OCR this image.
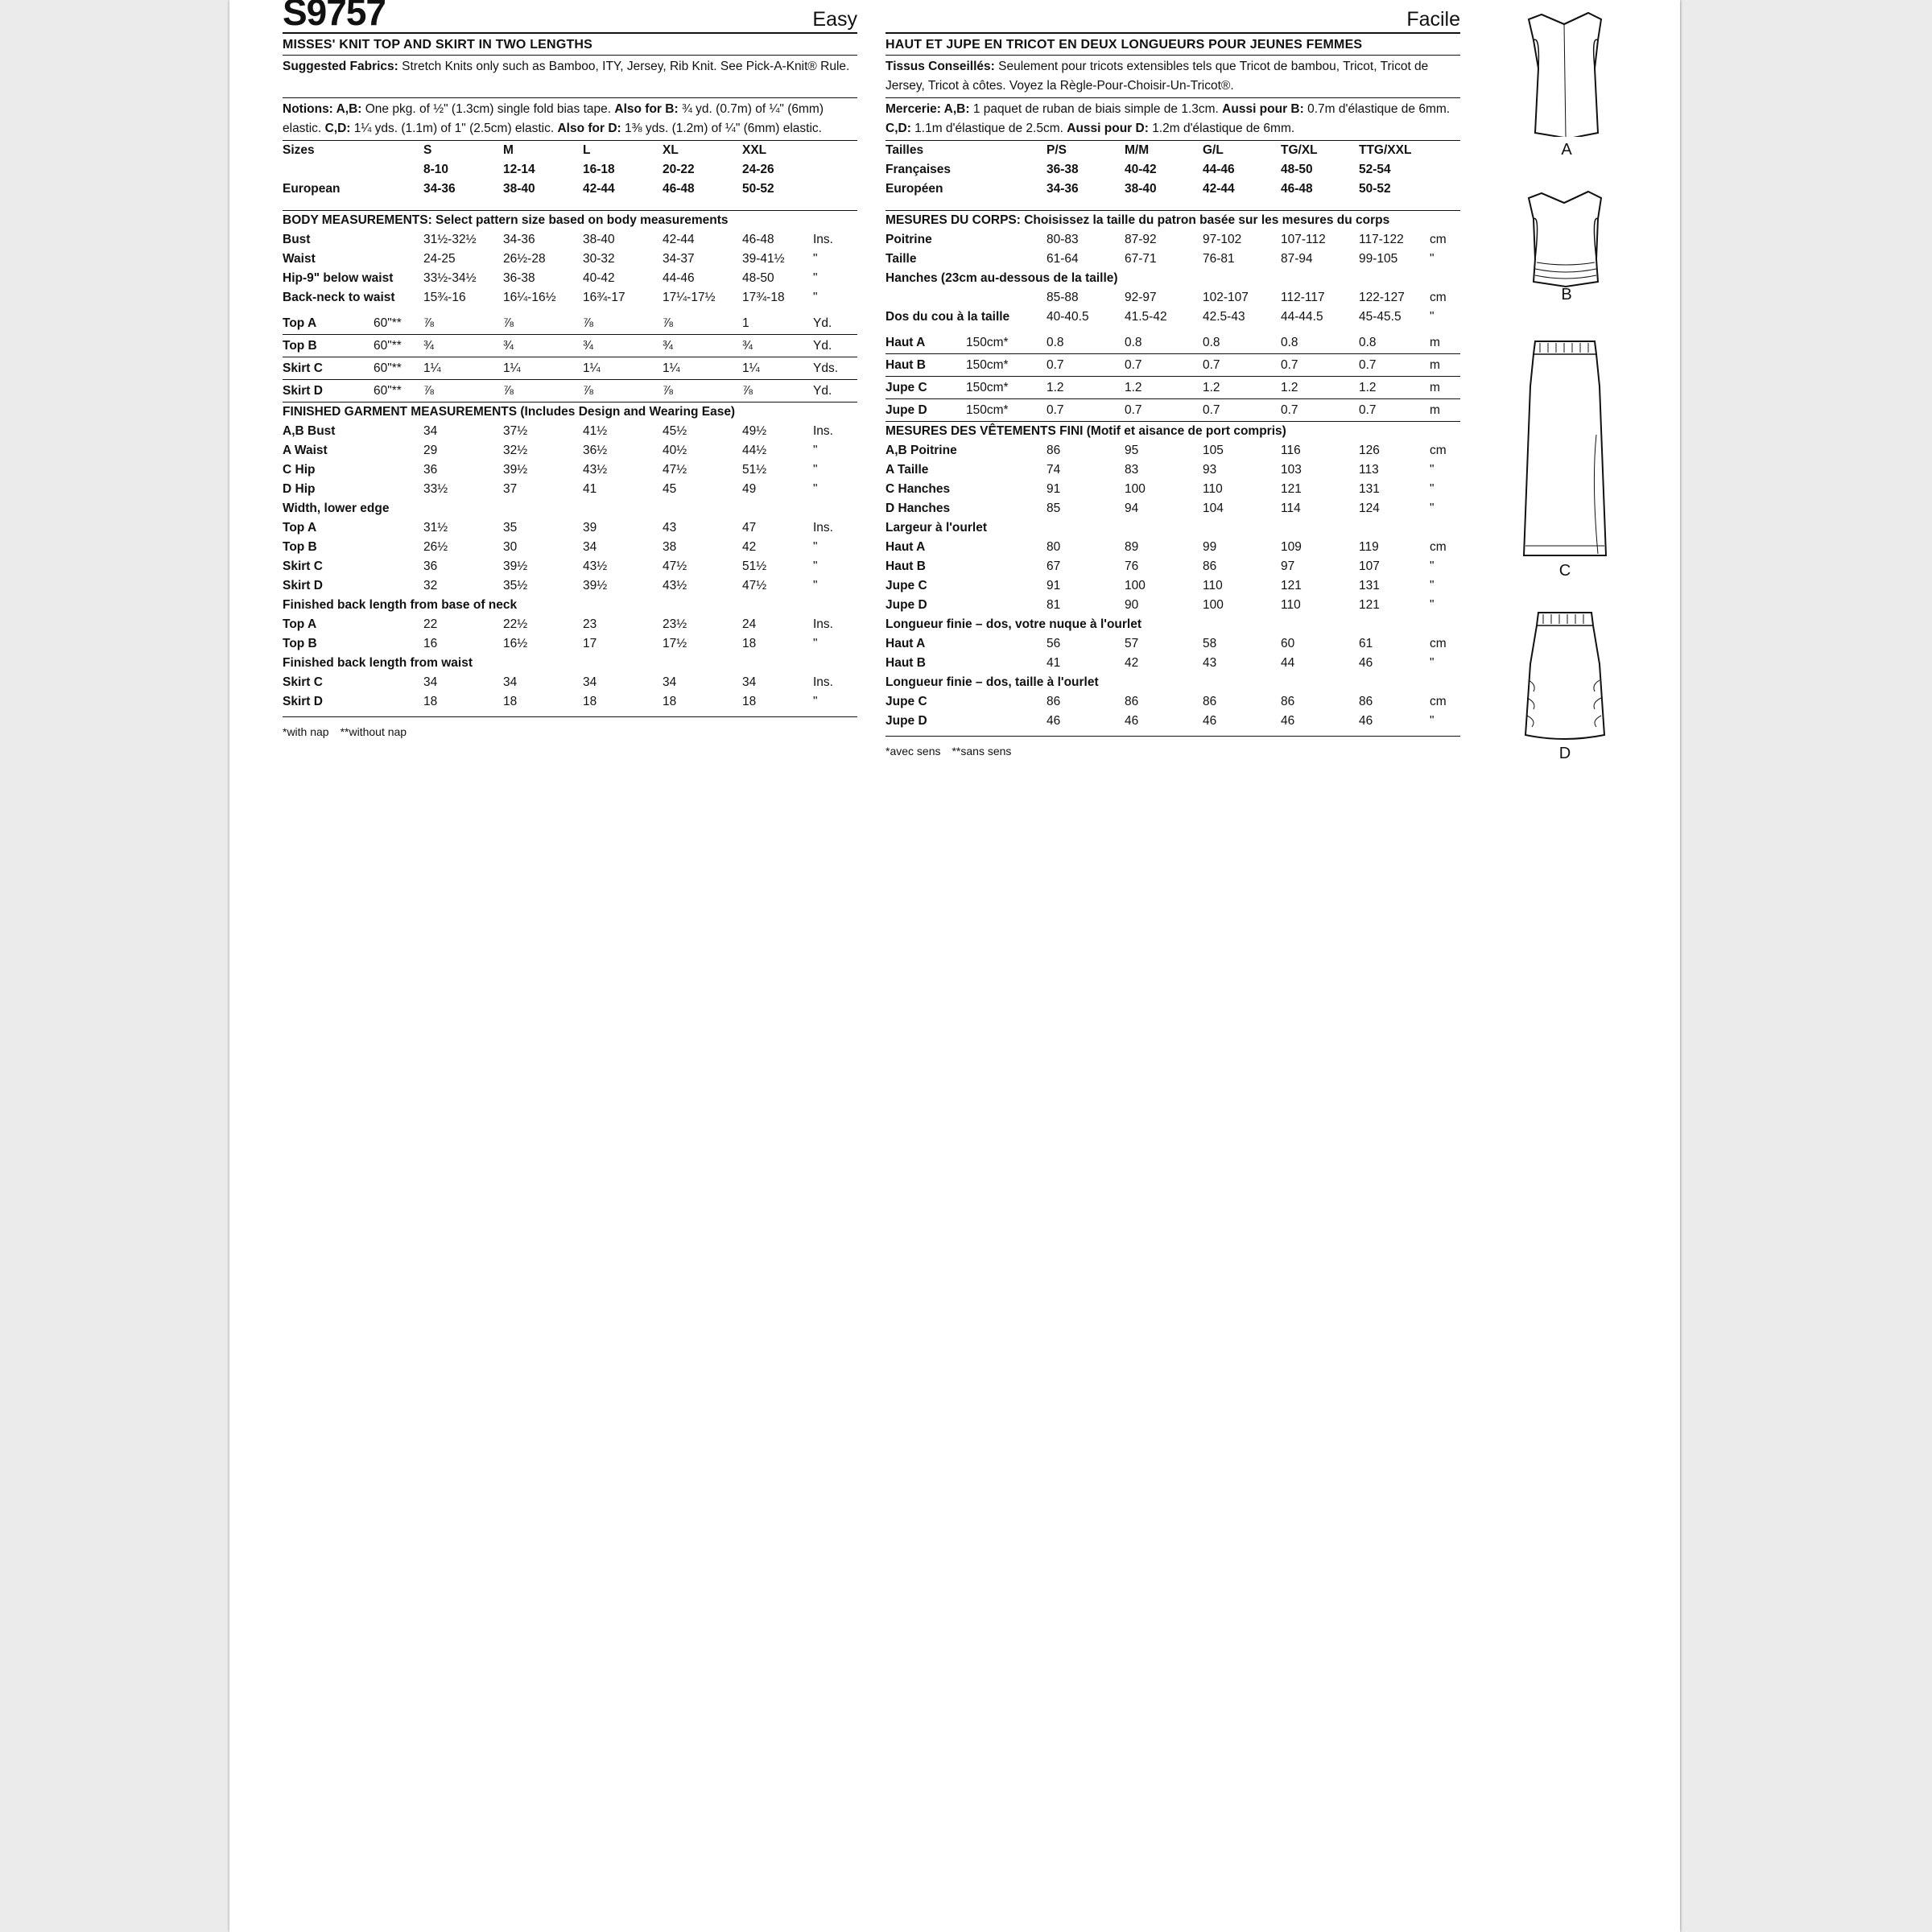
S9757	Easy
MISSES' KNIT TOP AND SKIRT IN TWO LENGTHS
Suggested Fabrics: Stretch Knits only such as Bamboo, ITY, Jersey, Rib Knit. See Pick-A-Knit® Rule.
Notions: A,B: One pkg. of ½" (1.3cm) single fold bias tape. Also for B: ¾ yd. (0.7m) of ¼" (6mm) elastic. C,D: 1¼ yds. (1.1m) of 1" (2.5cm) elastic. Also for D: 1⅜ yds. (1.2m) of ¼" (6mm) elastic.
Sizes	S	M	L	XL	XXL	
	8-10	12-14	16-18	20-22	24-26	
European	34-36	38-40	42-44	46-48	50-52	
BODY MEASUREMENTS: Select pattern size based on body measurements
Bust	31½-32½	34-36	38-40	42-44	46-48	Ins.
Waist	24-25	26½-28	30-32	34-37	39-41½	"
Hip-9" below waist	33½-34½	36-38	40-42	44-46	48-50	"
Back-neck to waist	15¾-16	16¼-16½	16¾-17	17¼-17½	17¾-18	"
Top A	60"**	⅞	⅞	⅞	⅞	1	Yd.
Top B	60"**	¾	¾	¾	¾	¾	Yd.
Skirt C	60"**	1¼	1¼	1¼	1¼	1¼	Yds.
Skirt D	60"**	⅞	⅞	⅞	⅞	⅞	Yd.
FINISHED GARMENT MEASUREMENTS (Includes Design and Wearing Ease)
A,B Bust	34	37½	41½	45½	49½	Ins.
A Waist	29	32½	36½	40½	44½	"
C Hip	36	39½	43½	47½	51½	"
D Hip	33½	37	41	45	49	"
Width, lower edge
Top A	31½	35	39	43	47	Ins.
Top B	26½	30	34	38	42	"
Skirt C	36	39½	43½	47½	51½	"
Skirt D	32	35½	39½	43½	47½	"
Finished back length from base of neck
Top A	22	22½	23	23½	24	Ins.
Top B	16	16½	17	17½	18	"
Finished back length from waist
Skirt C	34	34	34	34	34	Ins.
Skirt D	18	18	18	18	18	"
*with nap **without nap
Facile
HAUT ET JUPE EN TRICOT EN DEUX LONGUEURS POUR JEUNES FEMMES
Tissus Conseillés: Seulement pour tricots extensibles tels que Tricot de bambou, Tricot, Tricot de Jersey, Tricot à côtes. Voyez la Règle-Pour-Choisir-Un-Tricot®.
Mercerie: A,B: 1 paquet de ruban de biais simple de 1.3cm. Aussi pour B: 0.7m d'élastique de 6mm. C,D: 1.1m d'élastique de 2.5cm. Aussi pour D: 1.2m d'élastique de 6mm.
Tailles	P/S	M/M	G/L	TG/XL	TTG/XXL	
Françaises	36-38	40-42	44-46	48-50	52-54	
Européen	34-36	38-40	42-44	46-48	50-52	
MESURES DU CORPS: Choisissez la taille du patron basée sur les mesures du corps
Poitrine	80-83	87-92	97-102	107-112	117-122	cm
Taille	61-64	67-71	76-81	87-94	99-105	"
Hanches (23cm au-dessous de la taille)
	85-88	92-97	102-107	112-117	122-127	cm
Dos du cou à la taille	40-40.5	41.5-42	42.5-43	44-44.5	45-45.5	"
Haut A	150cm*	0.8	0.8	0.8	0.8	0.8	m
Haut B	150cm*	0.7	0.7	0.7	0.7	0.7	m
Jupe C	150cm*	1.2	1.2	1.2	1.2	1.2	m
Jupe D	150cm*	0.7	0.7	0.7	0.7	0.7	m
MESURES DES VÊTEMENTS FINI (Motif et aisance de port compris)
A,B Poitrine	86	95	105	116	126	cm
A Taille	74	83	93	103	113	"
C Hanches	91	100	110	121	131	"
D Hanches	85	94	104	114	124	"
Largeur à l'ourlet
Haut A	80	89	99	109	119	cm
Haut B	67	76	86	97	107	"
Jupe C	91	100	110	121	131	"
Jupe D	81	90	100	110	121	"
Longueur finie – dos, votre nuque à l'ourlet
Haut A	56	57	58	60	61	cm
Haut B	41	42	43	44	46	"
Longueur finie – dos, taille à l'ourlet
Jupe C	86	86	86	86	86	cm
Jupe D	46	46	46	46	46	"
*avec sens **sans sens
A
B
C
D
